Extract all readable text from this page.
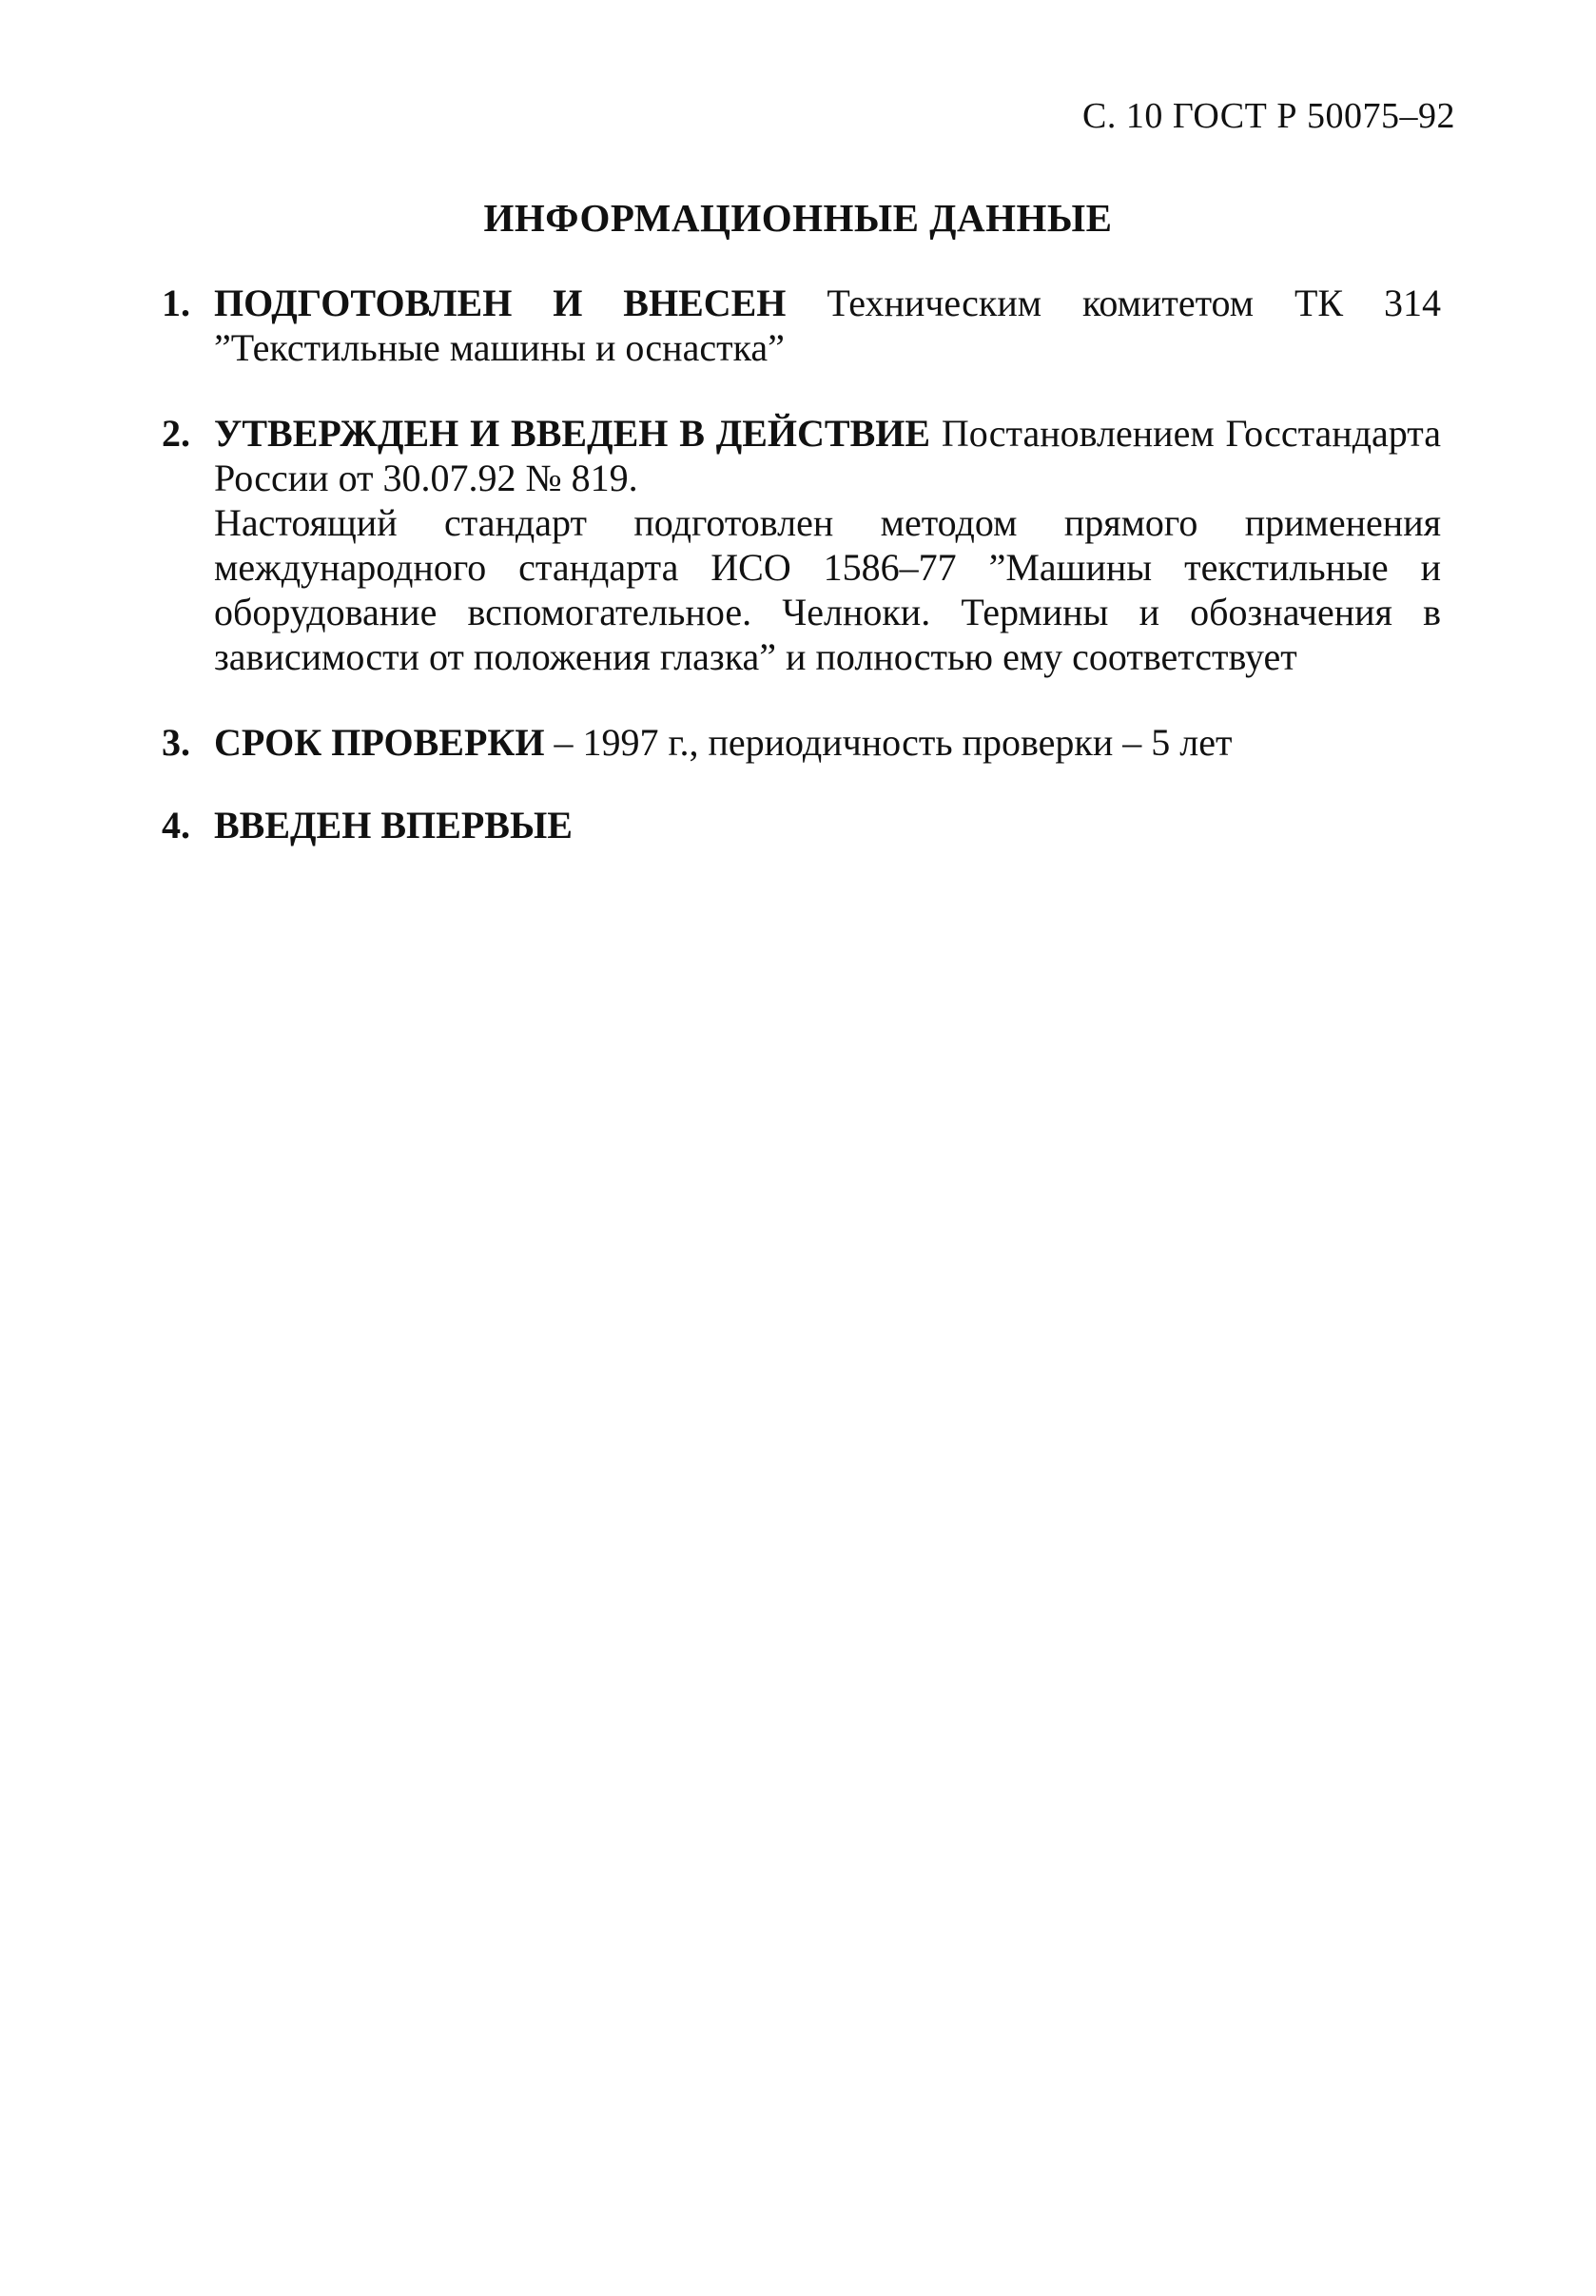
С. 10 ГОСТ Р 50075–92
ИНФОРМАЦИОННЫЕ ДАННЫЕ
1. ПОДГОТОВЛЕН И ВНЕСЕН Техническим комитетом ТК 314 ”Текстильные машины и оснастка”

2. УТВЕРЖДЕН И ВВЕДЕН В ДЕЙСТВИЕ Постановлением Госстандарта России от 30.07.92 № 819.

Настоящий стандарт подготовлен методом прямого применения международного стандарта ИСО 1586–77 ”Машины текстильные и оборудование вспомогательное. Челноки. Термины и обозначения в зависимости от положения глазка” и полностью ему соответствует

3. СРОК ПРОВЕРКИ – 1997 г., периодичность проверки – 5 лет

4. ВВЕДЕН ВПЕРВЫЕ
